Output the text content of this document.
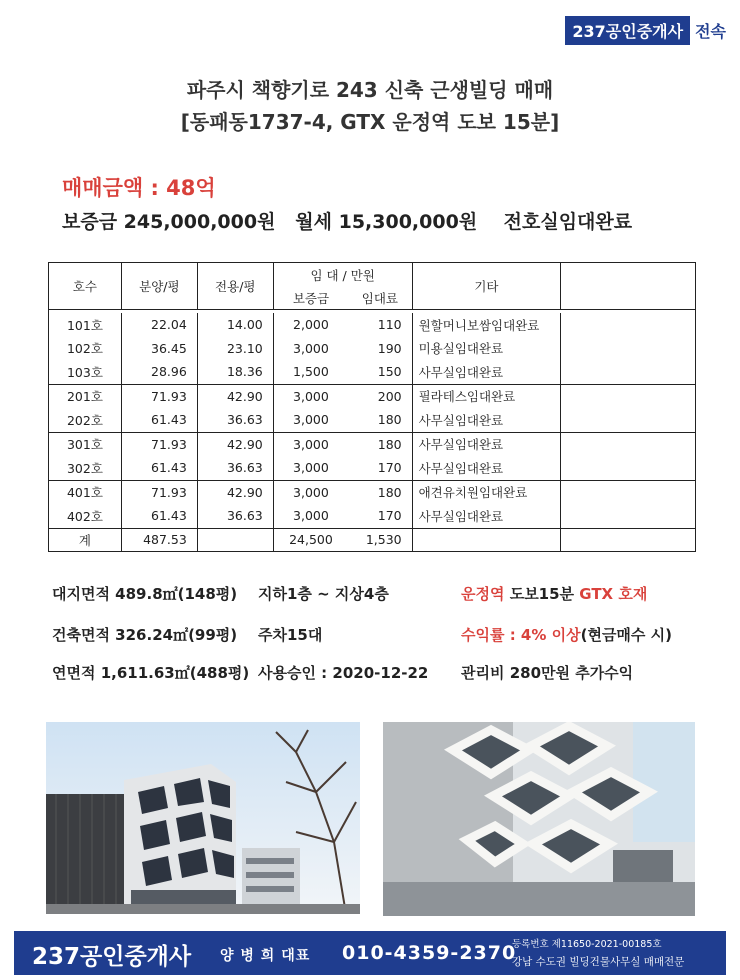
237공인중개사 전속
파주시 책향기로 243 신축 근생빌딩 매매
[동패동1737-4, GTX 운정역 도보 15분]
매매금액 : 48억
보증금 245,000,000원   월세 15,300,000원    전호실임대완료
호수	분양/평	전용/평	임 대 / 만원		기타	
			보증금	임대료		

101호	22.04	14.00	2,000	110	원할머니보쌈임대완료	
102호	36.45	23.10	3,000	190	미용실임대완료	
103호	28.96	18.36	1,500	150	사무실임대완료	
201호	71.93	42.90	3,000	200	필라테스임대완료	
202호	61.43	36.63	3,000	180	사무실임대완료	
301호	71.93	42.90	3,000	180	사무실임대완료	
302호	61.43	36.63	3,000	170	사무실임대완료	
401호	71.93	42.90	3,000	180	애견유치원임대완료	
402호	61.43	36.63	3,000	170	사무실임대완료	
계	487.53		24,500	1,530		
대지면적 489.8㎡(148평) 지하1층 ~ 지상4층	운정역 도보15분 GTX 호재
건축면적 326.24㎡(99평) 주차15대	수익률 : 4% 이상(현금매수 시)
연면적 1,611.63㎡(488평) 사용승인 : 2020-12-22 관리비 280만원 추가수익
237공인중개사 양 병 희 대표 010-4359-2370
등록번호 제11650-2021-00185호
강남 수도권 빌딩건물사무실 매매전문
